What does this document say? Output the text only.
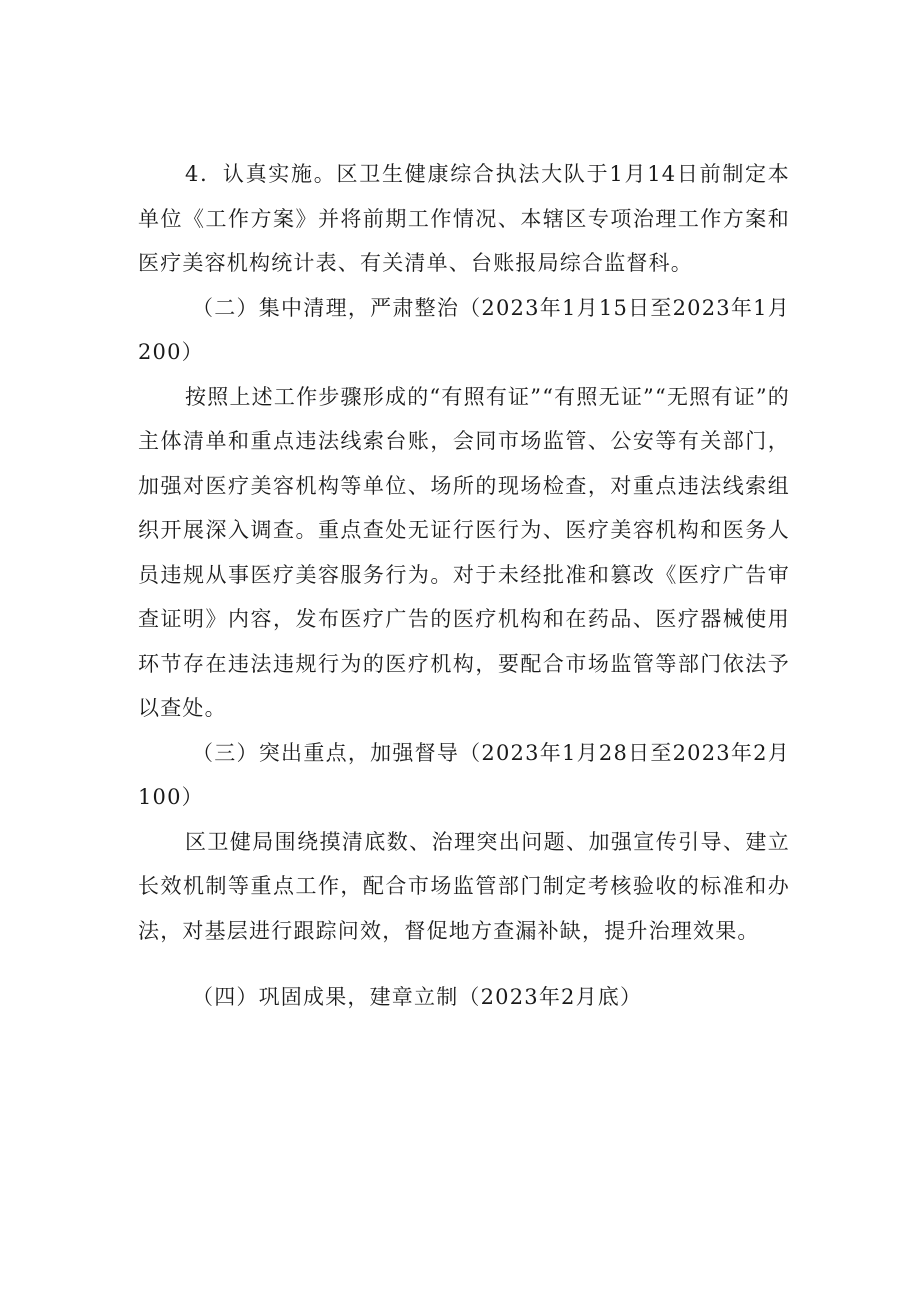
4．认真实施。区卫生健康综合执法大队于1月14日前制定本单位《工作方案》并将前期工作情况、本辖区专项治理工作方案和医疗美容机构统计表、有关清单、台账报局综合监督科。

（二）集中清理，严肃整治（2023年1月15日至2023年1月200）

按照上述工作步骤形成的“有照有证”“有照无证”“无照有证”的主体清单和重点违法线索台账，会同市场监管、公安等有关部门，加强对医疗美容机构等单位、场所的现场检查，对重点违法线索组织开展深入调查。重点查处无证行医行为、医疗美容机构和医务人员违规从事医疗美容服务行为。对于未经批准和篡改《医疗广告审查证明》内容，发布医疗广告的医疗机构和在药品、医疗器械使用环节存在违法违规行为的医疗机构，要配合市场监管等部门依法予以查处。

（三）突出重点，加强督导（2023年1月28日至2023年2月100）

区卫健局围绕摸清底数、治理突出问题、加强宣传引导、建立长效机制等重点工作，配合市场监管部门制定考核验收的标准和办法，对基层进行跟踪问效，督促地方查漏补缺，提升治理效果。

（四）巩固成果，建章立制（2023年2月底）
